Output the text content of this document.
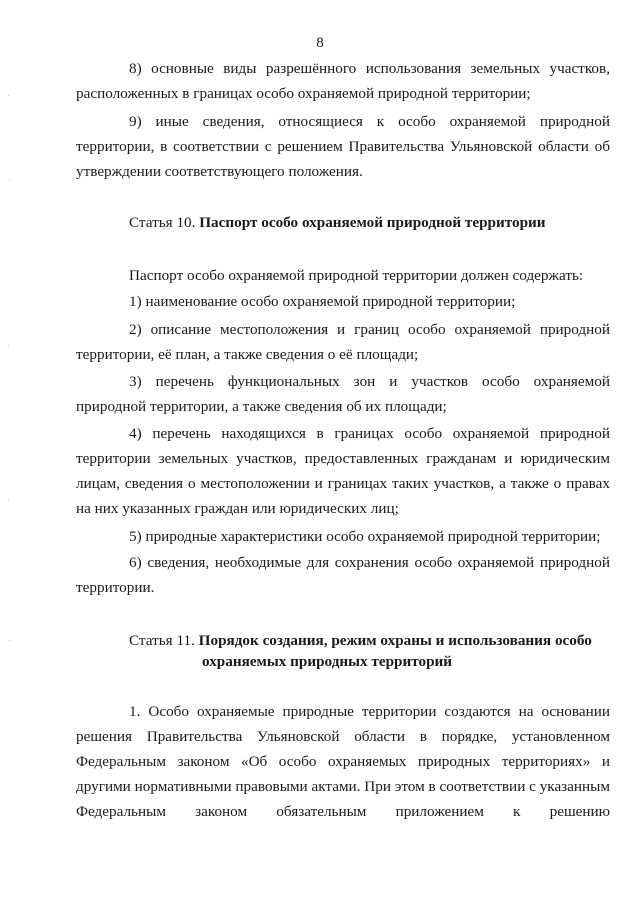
8

8) основные виды разрешённого использования земельных участков, расположенных в границах особо охраняемой природной территории;

9) иные сведения, относящиеся к особо охраняемой природной территории, в соответствии с решением Правительства Ульяновской области об утверждении соответствующего положения.

Статья 10. Паспорт особо охраняемой природной территории

Паспорт особо охраняемой природной территории должен содержать:

1) наименование особо охраняемой природной территории;

2) описание местоположения и границ особо охраняемой природной территории, её план, а также сведения о её площади;

3) перечень функциональных зон и участков особо охраняемой природной территории, а также сведения об их площади;

4) перечень находящихся в границах особо охраняемой природной территории земельных участков, предоставленных гражданам и юридическим лицам, сведения о местоположении и границах таких участков, а также о правах на них указанных граждан или юридических лиц;

5) природные характеристики особо охраняемой природной территории;

6) сведения, необходимые для сохранения особо охраняемой природной территории.

Статья 11. Порядок создания, режим охраны и использования особо
охраняемых природных территорий

1. Особо охраняемые природные территории создаются на основании решения Правительства Ульяновской области в порядке, установленном Федеральным законом «Об особо охраняемых природных территориях» и другими нормативными правовыми актами. При этом в соответствии с указанным Федеральным законом обязательным приложением к решению
